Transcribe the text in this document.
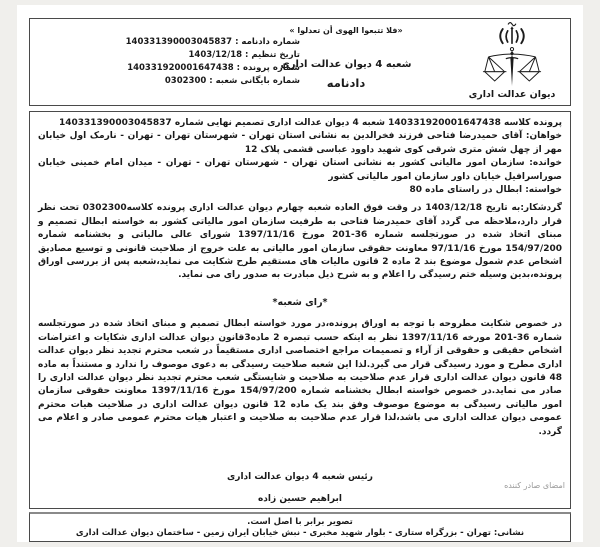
دیوان عدالت اداری
«فلا تتبعوا الهوی أن تعدلوا »
شعبه 4 دیوان عدالت اداری
دادنامه
شماره دادنامه : 140331390003045837
تاریخ تنظیم : 1403/12/18
شماره پرونده : 140331920001647438
شماره بایگانی شعبه : 0302300

پرونده کلاسه 140331920001647438 شعبه 4 دیوان عدالت اداری تصمیم نهایی شماره 140331390003045837

خواهان: آقای حمیدرضا فتاحی فرزند فخرالدین به نشانی استان تهران - شهرستان تهران - تهران - نارمک اول خیابان مهر از چهل شش متری شرقی کوی شهید داوود عباسی قشمی پلاک 12

خوانده: سازمان امور مالیاتی کشور به نشانی استان تهران - شهرستان تهران - تهران - میدان امام خمینی خیابان صوراسرافیل خیابان داور سازمان امور مالیاتی کشور

خواسته: ابطال در راستای ماده 80

گردشکار:به تاریخ 1403/12/18 در وقت فوق العاده شعبه چهارم دیوان عدالت اداری پرونده کلاسه0302300 تحت نظر قرار دارد،ملاحظه می گردد آقای حمیدرضا فتاحی به طرفیت سازمان امور مالیاتی کشور به خواسته ابطال تصمیم و مبنای اتخاذ شده در صورتجلسه شماره 36-201 مورخ 1397/11/16 شورای عالی مالیاتی و بخشنامه شماره 154/97/200 مورخ 97/11/16 معاونت حقوقی سازمان امور مالیاتی به علت خروج از صلاحیت قانونی و توسیع مصادیق اشخاص عدم شمول موضوع بند 2 ماده 2 قانون مالیات های مستقیم طرح شکایت می نماید،شعبه پس از بررسی اوراق پرونده،بدین وسیله ختم رسیدگی را اعلام و به شرح ذیل مبادرت به صدور رای می نماید.

*رای شعبه*

در خصوص شکایت مطروحه با توجه به اوراق پرونده،در مورد خواسته ابطال تصمیم و مبنای اتخاذ شده در صورتجلسه شماره 36-201 مورخه 1397/11/16 نظر به اینکه حسب تبصره 2 ماده3قانون دیوان عدالت اداری شکایات و اعتراضات اشخاص حقیقی و حقوقی از آراء و تصمیمات مراجع اختصاصی اداری مستقیماً در شعب محترم تجدید نظر دیوان عدالت اداری مطرح و مورد رسیدگی قرار می گیرد.لذا این شعبه صلاحیت رسیدگی به دعوی موصوف را ندارد و مستنداً به ماده 48 قانون دیوان عدالت اداری قرار عدم صلاحیت به صلاحیت و شایستگی شعب محترم تجدید نظر دیوان عدالت اداری را صادر می نماید.در خصوص خواسته ابطال بخشنامه شماره 154/97/200 مورخ 1397/11/16 معاونت حقوقی سازمان امور مالیاتی رسیدگی به موضوع موصوف وفق بند یک ماده 12 قانون دیوان عدالت اداری در صلاحیت هیات محترم عمومی دیوان عدالت اداری می باشد،لذا قرار عدم صلاحیت به صلاحیت و اعتبار هیات محترم عمومی صادر و اعلام می گردد.

رئیس شعبه 4 دیوان عدالت اداری
ابراهیم حسین زاده
امضای صادر کننده
تصویر برابر با اصل است.
نشانی: تهران - بزرگراه ستاری - بلوار شهید مخبری - نبش خیابان ایران زمین - ساختمان دیوان عدالت اداری
